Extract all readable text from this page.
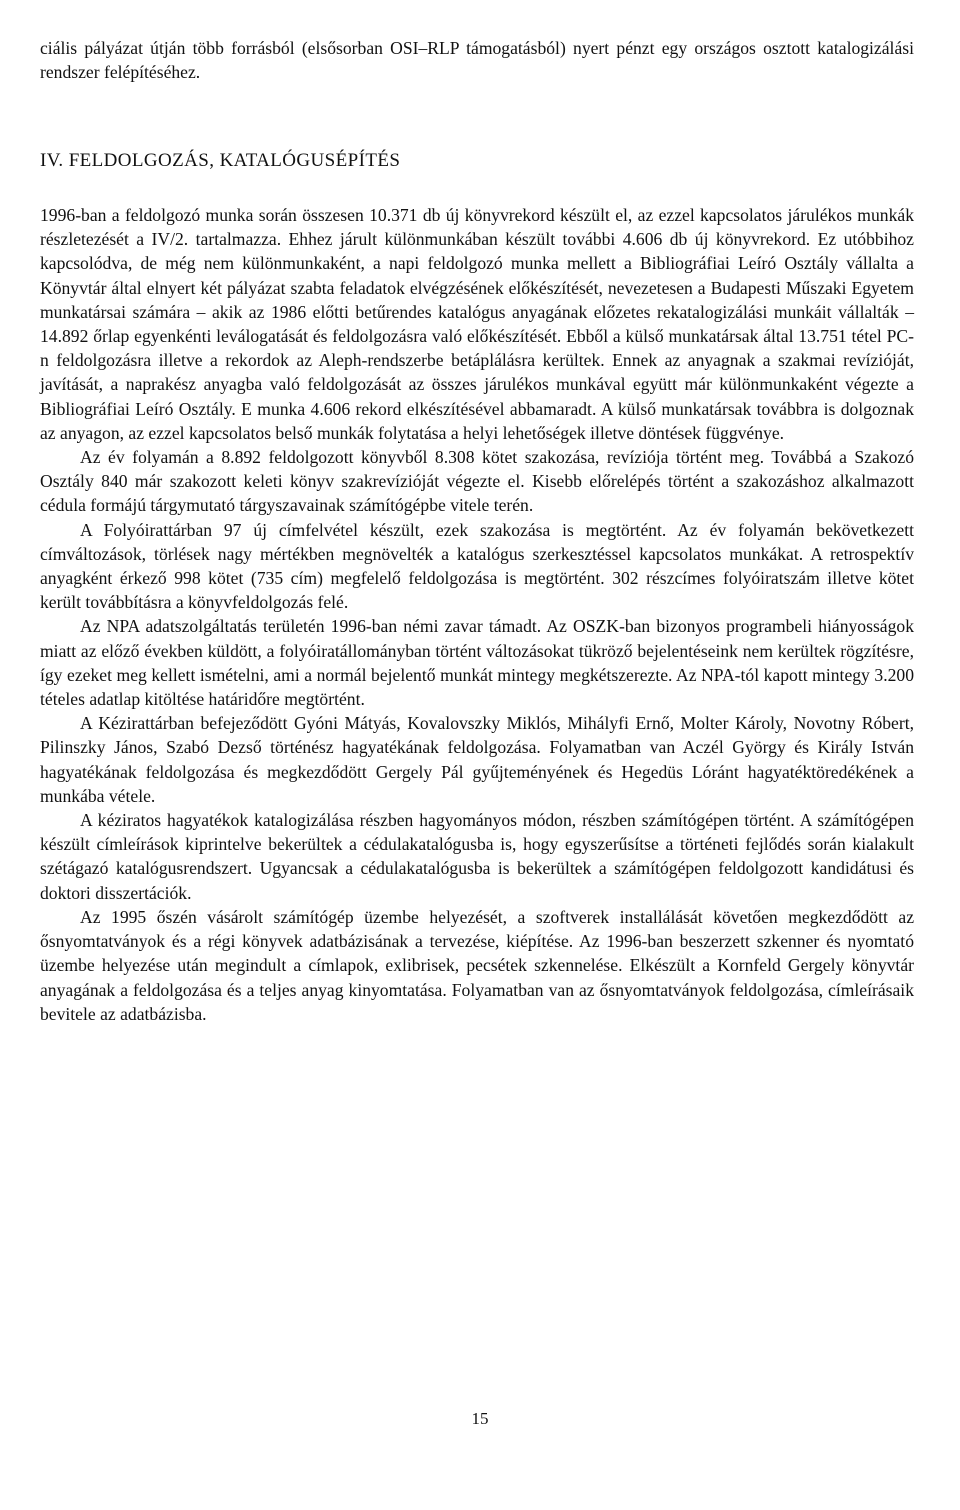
ciális pályázat útján több forrásból (elsősorban OSI–RLP támogatásból) nyert pénzt egy országos osztott katalogizálási rendszer felépítéséhez.

IV. FELDOLGOZÁS, KATALÓGUSÉPÍTÉS

1996-ban a feldolgozó munka során összesen 10.371 db új könyvrekord készült el, az ezzel kapcsolatos járulékos munkák részletezését a IV/2. tartalmazza. Ehhez járult különmunkában készült további 4.606 db új könyvrekord. Ez utóbbihoz kapcsolódva, de még nem különmunkaként, a napi feldolgozó munka mellett a Bibliográfiai Leíró Osztály vállalta a Könyvtár által elnyert két pályázat szabta feladatok elvégzésének előkészítését, nevezetesen a Budapesti Műszaki Egyetem munkatársai számára – akik az 1986 előtti betűrendes katalógus anyagának előzetes rekatalogizálási munkáit vállalták – 14.892 őrlap egyenkénti leválogatását és feldolgozásra való előkészítését. Ebből a külső munkatársak által 13.751 tétel PC-n feldolgozásra illetve a rekordok az Aleph-rendszerbe betáplálásra kerültek. Ennek az anyagnak a szakmai revízióját, javítását, a naprakész anyagba való feldolgozását az összes járulékos munkával együtt már különmunkaként végezte a Bibliográfiai Leíró Osztály. E munka 4.606 rekord elkészítésével abbamaradt. A külső munkatársak továbbra is dolgoznak az anyagon, az ezzel kapcsolatos belső munkák folytatása a helyi lehetőségek illetve döntések függvénye.

Az év folyamán a 8.892 feldolgozott könyvből 8.308 kötet szakozása, revíziója történt meg. Továbbá a Szakozó Osztály 840 már szakozott keleti könyv szakrevízióját végezte el. Kisebb előrelépés történt a szakozáshoz alkalmazott cédula formájú tárgymutató tárgyszavainak számítógépbe vitele terén.

A Folyóirattárban 97 új címfelvétel készült, ezek szakozása is megtörtént. Az év folyamán bekövetkezett címváltozások, törlések nagy mértékben megnövelték a katalógus szerkesztéssel kapcsolatos munkákat. A retrospektív anyagként érkező 998 kötet (735 cím) megfelelő feldolgozása is megtörtént. 302 részcímes folyóiratszám illetve kötet került továbbításra a könyvfeldolgozás felé.

Az NPA adatszolgáltatás területén 1996-ban némi zavar támadt. Az OSZK-ban bizonyos programbeli hiányosságok miatt az előző években küldött, a folyóiratállományban történt változásokat tükröző bejelentéseink nem kerültek rögzítésre, így ezeket meg kellett ismételni, ami a normál bejelentő munkát mintegy megkétszerezte. Az NPA-tól kapott mintegy 3.200 tételes adatlap kitöltése határidőre megtörtént.

A Kézirattárban befejeződött Gyóni Mátyás, Kovalovszky Miklós, Mihályfi Ernő, Molter Károly, Novotny Róbert, Pilinszky János, Szabó Dezső történész hagyatékának feldolgozása. Folyamatban van Aczél György és Király István hagyatékának feldolgozása és megkezdődött Gergely Pál gyűjteményének és Hegedüs Lóránt hagyatéktöredékének a munkába vétele.

A kéziratos hagyatékok katalogizálása részben hagyományos módon, részben számítógépen történt. A számítógépen készült címleírások kiprintelve bekerültek a cédulakatalógusba is, hogy egyszerűsítse a történeti fejlődés során kialakult szétágazó katalógusrendszert. Ugyancsak a cédulakatalógusba is bekerültek a számítógépen feldolgozott kandidátusi és doktori disszertációk.

Az 1995 őszén vásárolt számítógép üzembe helyezését, a szoftverek installálását követően megkezdődött az ősnyomtatványok és a régi könyvek adatbázisának a tervezése, kiépítése. Az 1996-ban beszerzett szkenner és nyomtató üzembe helyezése után megindult a címlapok, exlibrisek, pecsétek szkennelése. Elkészült a Kornfeld Gergely könyvtár anyagának a feldolgozása és a teljes anyag kinyomtatása. Folyamatban van az ősnyomtatványok feldolgozása, címleírásaik bevitele az adatbázisba.

15
